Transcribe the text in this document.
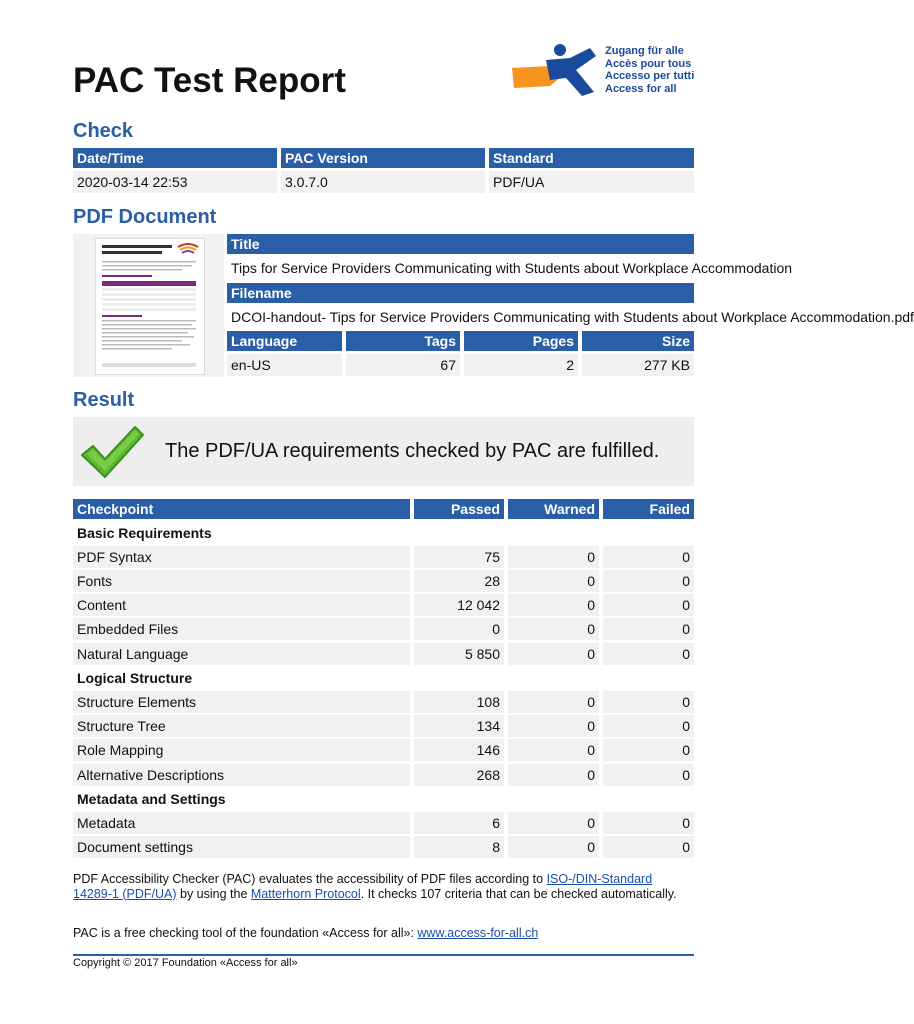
PAC Test Report
Zugang für alle
Accès pour tous
Accesso per tutti
Access for all
Check
Date/Time	PAC Version	Standard
2020-03-14 22:53	3.0.7.0	PDF/UA
PDF Document
Title
Tips for Service Providers Communicating with Students about Workplace Accommodation
Filename
DCOI-handout- Tips for Service Providers Communicating with Students about Workplace Accommodation.pdf
Language	Tags	Pages	Size
en-US	67	2	277 KB
Result
The PDF/UA requirements checked by PAC are fulfilled.
Checkpoint	Passed	Warned	Failed
Basic Requirements
PDF Syntax	75	0	0
Fonts	28	0	0
Content	12 042	0	0
Embedded Files	0	0	0
Natural Language	5 850	0	0
Logical Structure
Structure Elements	108	0	0
Structure Tree	134	0	0
Role Mapping	146	0	0
Alternative Descriptions	268	0	0
Metadata and Settings
Metadata	6	0	0
Document settings	8	0	0
PDF Accessibility Checker (PAC) evaluates the accessibility of PDF files according to ISO-/DIN-Standard 14289-1 (PDF/UA) by using the Matterhorn Protocol. It checks 107 criteria that can be checked automatically.
PAC is a free checking tool of the foundation «Access for all»: www.access-for-all.ch
Copyright © 2017 Foundation «Access for all»
